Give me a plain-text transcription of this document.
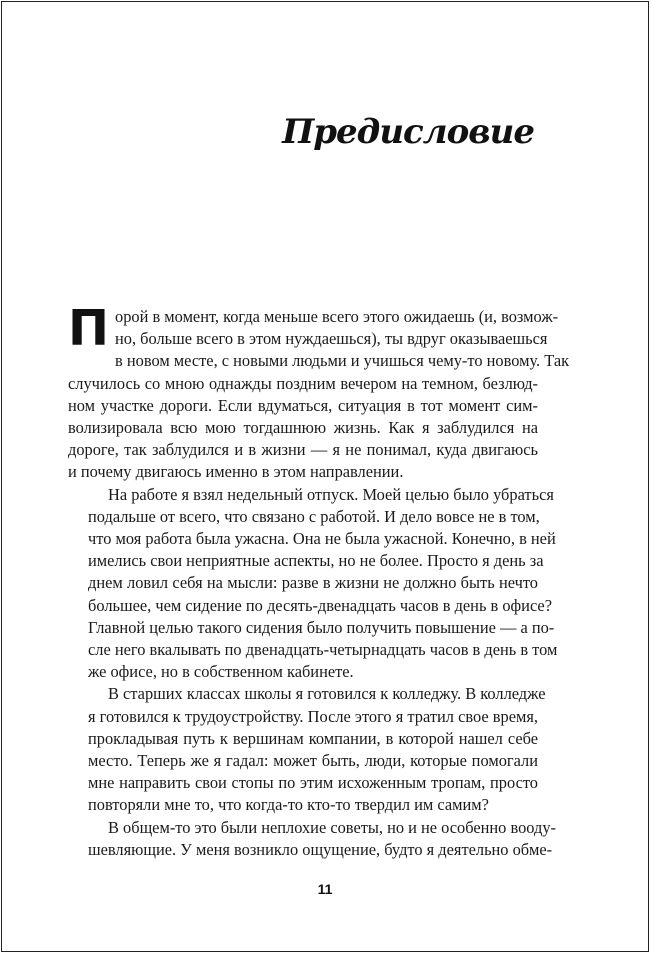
Предисловие
П орой в момент, когда меньше всего этого ожидаешь (и, возмож-
но, больше всего в этом нуждаешься), ты вдруг оказываешься
в новом месте, с новыми людьми и учишься чему-то новому. Так
случилось со мною однажды поздним вечером на темном, безлюд-
ном участке дороги. Если вдуматься, ситуация в тот момент сим-
волизировала всю мою тогдашнюю жизнь. Как я заблудился на
дороге, так заблудился и в жизни — я не понимал, куда двигаюсь
и почему двигаюсь именно в этом направлении.
На работе я взял недельный отпуск. Моей целью было убраться
подальше от всего, что связано с работой. И дело вовсе не в том,
что моя работа была ужасна. Она не была ужасной. Конечно, в ней
имелись свои неприятные аспекты, но не более. Просто я день за
днем ловил себя на мысли: разве в жизни не должно быть нечто
большее, чем сидение по десять-двенадцать часов в день в офисе?
Главной целью такого сидения было получить повышение — а по-
сле него вкалывать по двенадцать-четырнадцать часов в день в том
же офисе, но в собственном кабинете.
В старших классах школы я готовился к колледжу. В колледже
я готовился к трудоустройству. После этого я тратил свое время,
прокладывая путь к вершинам компании, в которой нашел себе
место. Теперь же я гадал: может быть, люди, которые помогали
мне направить свои стопы по этим исхоженным тропам, просто
повторяли мне то, что когда-то кто-то твердил им самим?
В общем-то это были неплохие советы, но и не особенно вооду-
шевляющие. У меня возникло ощущение, будто я деятельно обме-
11
